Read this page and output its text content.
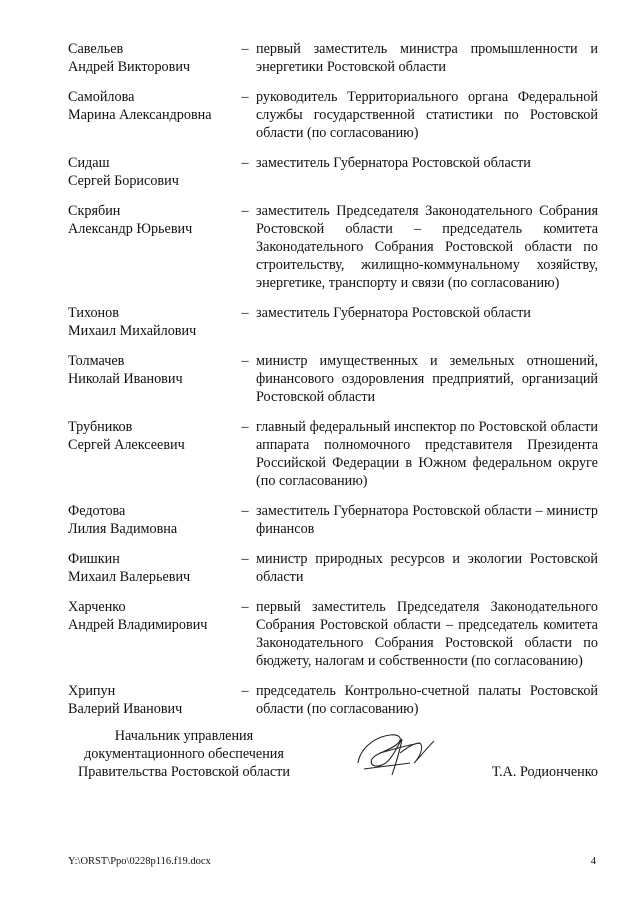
Савельев
Андрей Викторович
– первый заместитель министра промышленности и энергетики Ростовской области
Самойлова
Марина Александровна
– руководитель Территориального органа Федеральной службы государственной статистики по Ростовской области (по согласованию)
Сидаш
Сергей Борисович
– заместитель Губернатора Ростовской области
Скрябин
Александр Юрьевич
– заместитель Председателя Законодательного Собрания Ростовской области – председатель комитета Законодательного Собрания Ростовской области по строительству, жилищно-коммунальному хозяйству, энергетике, транспорту и связи (по согласованию)
Тихонов
Михаил Михайлович
– заместитель Губернатора Ростовской области
Толмачев
Николай Иванович
– министр имущественных и земельных отношений, финансового оздоровления предприятий, организаций Ростовской области
Трубников
Сергей Алексеевич
– главный федеральный инспектор по Ростовской области аппарата полномочного представителя Президента Российской Федерации в Южном федеральном округе (по согласованию)
Федотова
Лилия Вадимовна
– заместитель Губернатора Ростовской области – министр финансов
Фишкин
Михаил Валерьевич
– министр природных ресурсов и экологии Ростовской области
Харченко
Андрей Владимирович
– первый заместитель Председателя Законодательного Собрания Ростовской области – председатель комитета Законодательного Собрания Ростовской области по бюджету, налогам и собственности (по согласованию)
Хрипун
Валерий Иванович
– председатель Контрольно-счетной палаты Ростовской области (по согласованию)
Начальник управления
документационного обеспечения
Правительства Ростовской области	Т.А. Родионченко
Y:\ORST\Ppo\0228p116.f19.docx	4
